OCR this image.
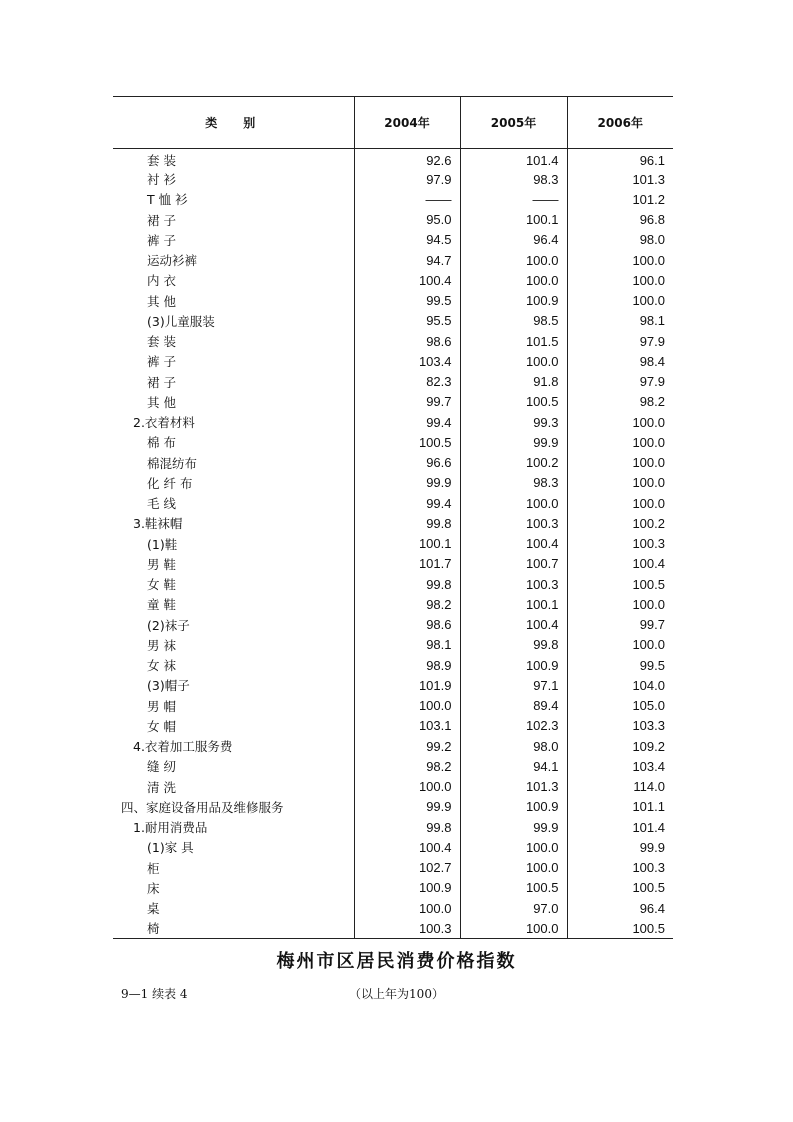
类别	2004年	2005年	2006年
套 装	92.6	101.4	96.1
衬 衫	97.9	98.3	101.3
T 恤 衫	——	——	101.2
裙 子	95.0	100.1	96.8
裤 子	94.5	96.4	98.0
运动衫裤	94.7	100.0	100.0
内 衣	100.4	100.0	100.0
其 他	99.5	100.9	100.0
(3)儿童服装	95.5	98.5	98.1
套 装	98.6	101.5	97.9
裤 子	103.4	100.0	98.4
裙 子	82.3	91.8	97.9
其 他	99.7	100.5	98.2
2.衣着材料	99.4	99.3	100.0
棉 布	100.5	99.9	100.0
棉混纺布	96.6	100.2	100.0
化 纤 布	99.9	98.3	100.0
毛 线	99.4	100.0	100.0
3.鞋袜帽	99.8	100.3	100.2
(1)鞋	100.1	100.4	100.3
男 鞋	101.7	100.7	100.4
女 鞋	99.8	100.3	100.5
童 鞋	98.2	100.1	100.0
(2)袜子	98.6	100.4	99.7
男 袜	98.1	99.8	100.0
女 袜	98.9	100.9	99.5
(3)帽子	101.9	97.1	104.0
男 帽	100.0	89.4	105.0
女 帽	103.1	102.3	103.3
4.衣着加工服务费	99.2	98.0	109.2
缝 纫	98.2	94.1	103.4
清 洗	100.0	101.3	114.0
四、家庭设备用品及维修服务	99.9	100.9	101.1
1.耐用消费品	99.8	99.9	101.4
(1)家 具	100.4	100.0	99.9
柜	102.7	100.0	100.3
床	100.9	100.5	100.5
桌	100.0	97.0	96.4
椅	100.3	100.0	100.5
梅州市区居民消费价格指数
9—1 续表 4	（以上年为100）
